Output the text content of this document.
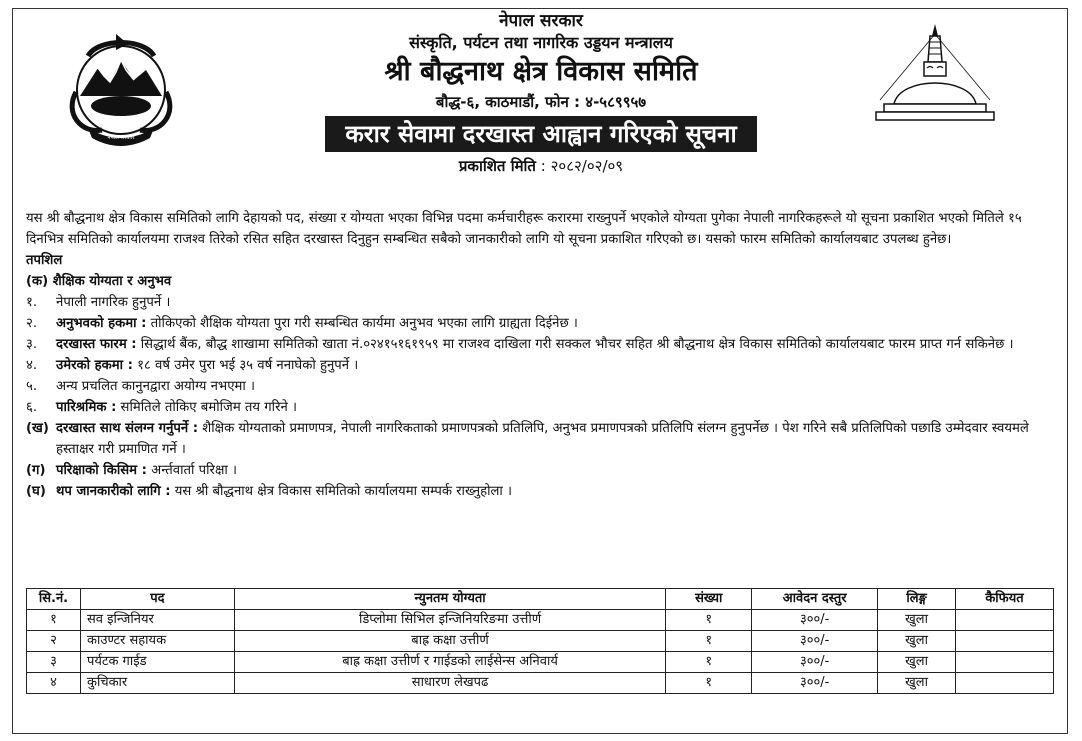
नेपाल सरकार
नेपाल सरकार
संस्कृति, पर्यटन तथा नागरिक उड्डयन मन्त्रालय
श्री बौद्धनाथ क्षेत्र विकास समिति
बौद्ध-६, काठमाडौं, फोन : ४-५८९९५७
करार सेवामा दरखास्त आह्वान गरिएको सूचना
प्रकाशित मिति : २०८२/०२/०९

यस श्री बौद्धनाथ क्षेत्र विकास समितिको लागि देहायको पद, संख्या र योग्यता भएका विभिन्न पदमा कर्मचारीहरू करारमा राख्नुपर्ने भएकोले योग्यता पुगेका नेपाली नागरिकहरूले यो सूचना प्रकाशित भएको मितिले १५ दिनभित्र समितिको कार्यालयमा राजश्व तिरेको रसित सहित दरखास्त दिनुहुन सम्बन्धित सबैको जानकारीको लागि यो सूचना प्रकाशित गरिएको छ। यसको फारम समितिको कार्यालयबाट उपलब्ध हुनेछ।

तपशिल
(क) शैक्षिक योग्यता र अनुभव
१.	नेपाली नागरिक हुनुपर्ने ।
२.	अनुभवको हकमा : तोकिएको शैक्षिक योग्यता पुरा गरी सम्बन्धित कार्यमा अनुभव भएका लागि ग्राह्यता दिईनेछ ।
३.	दरखास्त फारम : सिद्धार्थ बैंक, बौद्ध शाखामा समितिको खाता नं.०२४१५१६१९५९ मा राजश्व दाखिला गरी सक्कल भौचर सहित श्री बौद्धनाथ क्षेत्र विकास समितिको कार्यालयबाट फारम प्राप्त गर्न सकिनेछ ।
४.	उमेरको हकमा : १८ वर्ष उमेर पुरा भई ३५ वर्ष ननाघेको हुनुपर्ने ।
५.	अन्य प्रचलित कानुनद्वारा अयोग्य नभएमा ।
६.	पारिश्रमिक : समितिले तोकिए बमोजिम तय गरिने ।
(ख) दरखास्त साथ संलग्न गर्नुपर्ने : शैक्षिक योग्यताको प्रमाणपत्र, नेपाली नागरिकताको प्रमाणपत्रको प्रतिलिपि, अनुभव प्रमाणपत्रको प्रतिलिपि संलग्न हुनुपर्नेछ । पेश गरिने सबै प्रतिलिपिको पछाडि उम्मेदवार स्वयमले हस्ताक्षर गरी प्रमाणित गर्ने ।
(ग) परिक्षाको किसिम : अर्न्तवार्ता परिक्षा ।
(घ) थप जानकारीको लागि : यस श्री बौद्धनाथ क्षेत्र विकास समितिको कार्यालयमा सम्पर्क राख्नुहोला ।
सि.नं.	पद	न्युनतम योग्यता	संख्या	आवेदन दस्तुर	लिङ्ग	कैफियत
१	सव इन्जिनियर	डिप्लोमा सिभिल इन्जिनियरिङमा उत्तीर्ण	१	३००/-	खुला	
२	काउण्टर सहायक	बाह्र कक्षा उत्तीर्ण	१	३००/-	खुला	
३	पर्यटक गाईड	बाह्र कक्षा उत्तीर्ण र गाईडको लाईसेन्स अनिवार्य	१	३००/-	खुला	
४	कुचिकार	साधारण लेखपढ	१	३००/-	खुला	
